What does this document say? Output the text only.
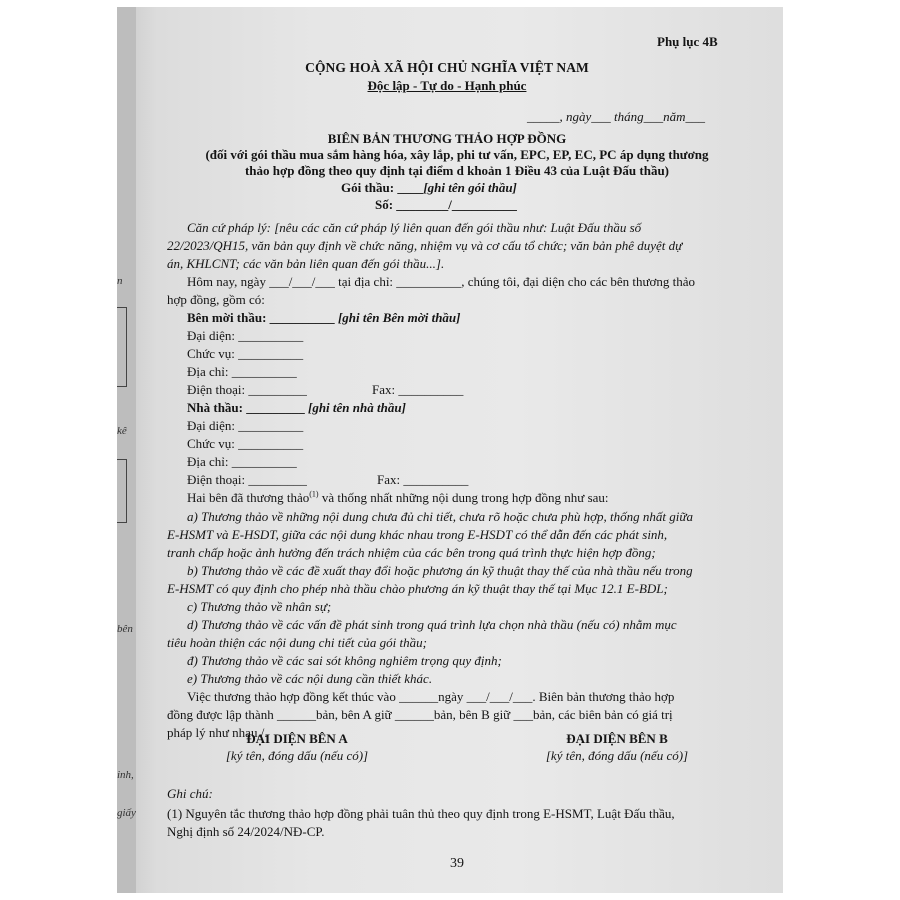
n
kê
bên
inh,
giấy
Phụ lục 4B
CỘNG HOÀ XÃ HỘI CHỦ NGHĨA VIỆT NAM
Độc lập - Tự do - Hạnh phúc
_____, ngày___ tháng___năm___
BIÊN BẢN THƯƠNG THẢO HỢP ĐỒNG
(đối với gói thầu mua sắm hàng hóa, xây lắp, phi tư vấn, EPC, EP, EC, PC áp dụng thương
thảo hợp đồng theo quy định tại điểm d khoản 1 Điều 43 của Luật Đấu thầu)
Gói thầu: ____[ghi tên gói thầu]
Số: ________/__________
Căn cứ pháp lý: [nêu các căn cứ pháp lý liên quan đến gói thầu như: Luật Đấu thầu số
22/2023/QH15, văn bản quy định về chức năng, nhiệm vụ và cơ cấu tổ chức; văn bản phê duyệt dự
án, KHLCNT; các văn bản liên quan đến gói thầu...].
Hôm nay, ngày ___/___/___ tại địa chỉ: __________, chúng tôi, đại diện cho các bên thương thảo
hợp đồng, gồm có:
Bên mời thầu: __________ [ghi tên Bên mời thầu]
Đại diện: __________
Chức vụ: __________
Địa chỉ: __________
Điện thoại: _________	Fax: __________
Nhà thầu: _________ [ghi tên nhà thầu]
Đại diện: __________
Chức vụ: __________
Địa chỉ: __________
Điện thoại: _________	Fax: __________
Hai bên đã thương thảo$^{(1)}$ và thống nhất những nội dung trong hợp đồng như sau:
a) Thương thảo về những nội dung chưa đủ chi tiết, chưa rõ hoặc chưa phù hợp, thống nhất giữa
E-HSMT và E-HSDT, giữa các nội dung khác nhau trong E-HSDT có thể dẫn đến các phát sinh,
tranh chấp hoặc ảnh hưởng đến trách nhiệm của các bên trong quá trình thực hiện hợp đồng;
b) Thương thảo về các đề xuất thay đổi hoặc phương án kỹ thuật thay thế của nhà thầu nếu trong
E-HSMT có quy định cho phép nhà thầu chào phương án kỹ thuật thay thế tại Mục 12.1 E-BDL;
c) Thương thảo về nhân sự;
d) Thương thảo về các vấn đề phát sinh trong quá trình lựa chọn nhà thầu (nếu có) nhằm mục
tiêu hoàn thiện các nội dung chi tiết của gói thầu;
đ) Thương thảo về các sai sót không nghiêm trọng quy định;
e) Thương thảo về các nội dung cần thiết khác.
Việc thương thảo hợp đồng kết thúc vào ______ngày ___/___/___. Biên bản thương thảo hợp
đồng được lập thành ______bản, bên A giữ ______bản, bên B giữ ___bản, các biên bản có giá trị
pháp lý như nhau./.
ĐẠI DIỆN BÊN A
[ký tên, đóng dấu (nếu có)]
ĐẠI DIỆN BÊN B
[ký tên, đóng dấu (nếu có)]
Ghi chú:
(1) Nguyên tắc thương thảo hợp đồng phải tuân thủ theo quy định trong E-HSMT, Luật Đấu thầu,
Nghị định số 24/2024/NĐ-CP.
39
